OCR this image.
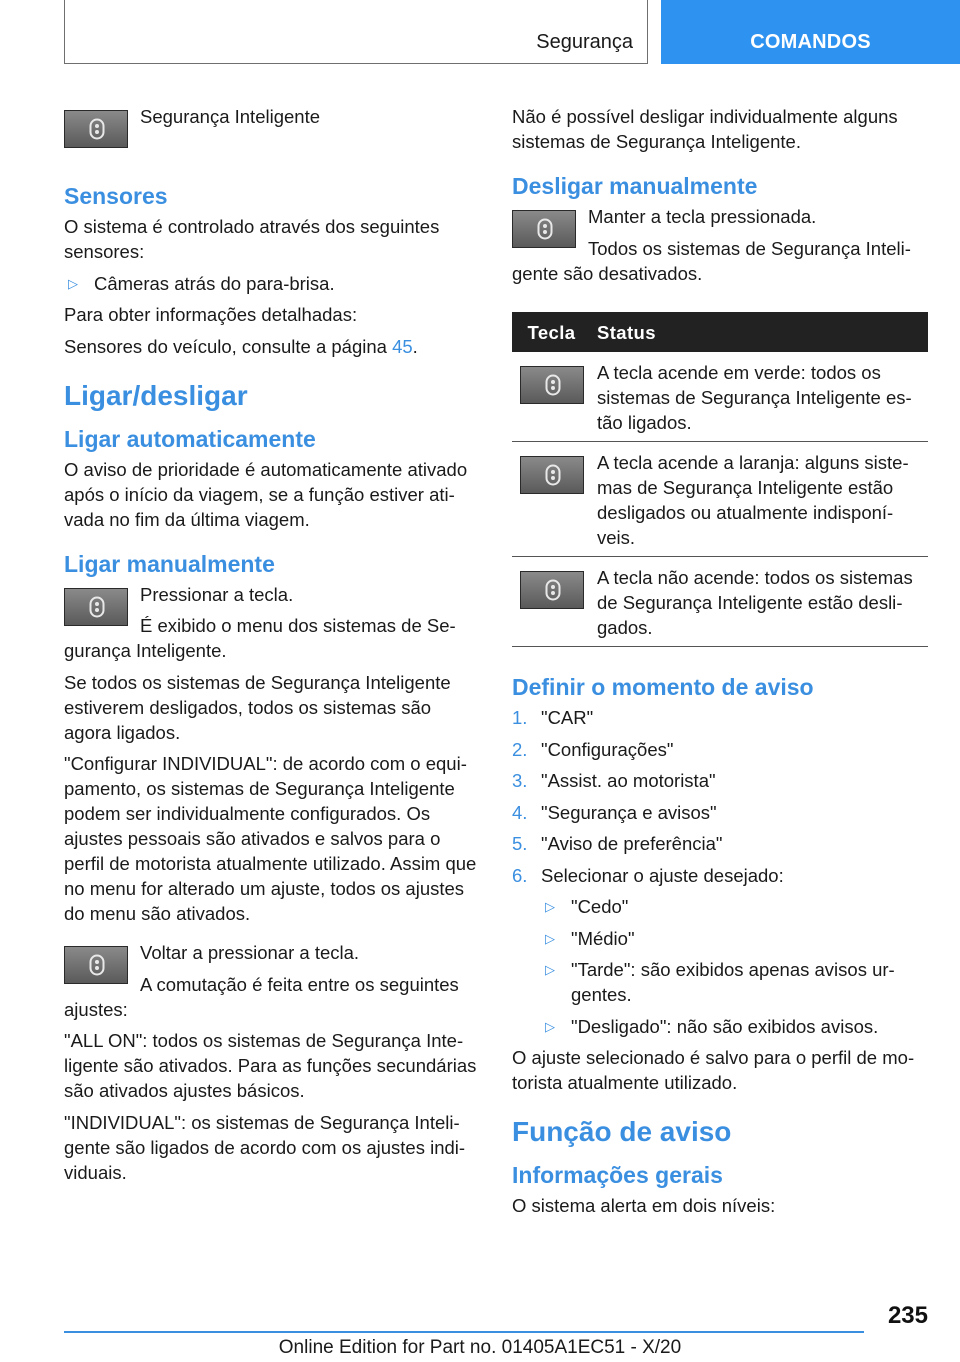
Segurança	COMANDOS

Segurança Inteligente

Sensores

O sistema é controlado através dos seguintes sensores:

▷ Câmeras atrás do para-brisa.

Para obter informações detalhadas:

Sensores do veículo, consulte a página 45.

Ligar/desligar
Ligar automaticamente

O aviso de prioridade é automaticamente ativado após o início da viagem, se a função estiver ativada no fim da última viagem.

Ligar manualmente

Pressionar a tecla.

É exibido o menu dos sistemas de Segurança Inteligente.

Se todos os sistemas de Segurança Inteligente estiverem desligados, todos os sistemas são agora ligados.

"Configurar INDIVIDUAL": de acordo com o equipamento, os sistemas de Segurança Inteligente podem ser individualmente configurados. Os ajustes pessoais são ativados e salvos para o perfil de motorista atualmente utilizado. Assim que no menu for alterado um ajuste, todos os ajustes do menu são ativados.

Voltar a pressionar a tecla.

A comutação é feita entre os seguintes ajustes:

"ALL ON": todos os sistemas de Segurança Inteligente são ativados. Para as funções secundárias são ativados ajustes básicos.

"INDIVIDUAL": os sistemas de Segurança Inteligente são ligados de acordo com os ajustes individuais.

Não é possível desligar individualmente alguns sistemas de Segurança Inteligente.

Desligar manualmente

Manter a tecla pressionada.

Todos os sistemas de Segurança Inteligente são desativados.

Tecla	Status

	A tecla acende em verde: todos os sistemas de Segurança Inteligente estão ligados.

	A tecla acende a laranja: alguns sistemas de Segurança Inteligente estão desligados ou atualmente indisponíveis.

	A tecla não acende: todos os sistemas de Segurança Inteligente estão desligados.
Definir o momento de aviso
1. "CAR"
2. "Configurações"
3. "Assist. ao motorista"
4. "Segurança e avisos"
5. "Aviso de preferência"
6. Selecionar o ajuste desejado:
▷ "Cedo"
▷ "Médio"
▷ "Tarde": são exibidos apenas avisos urgentes.
▷ "Desligado": não são exibidos avisos.

O ajuste selecionado é salvo para o perfil de motorista atualmente utilizado.

Função de aviso
Informações gerais

O sistema alerta em dois níveis:

235
Online Edition for Part no. 01405A1EC51 - X/20
